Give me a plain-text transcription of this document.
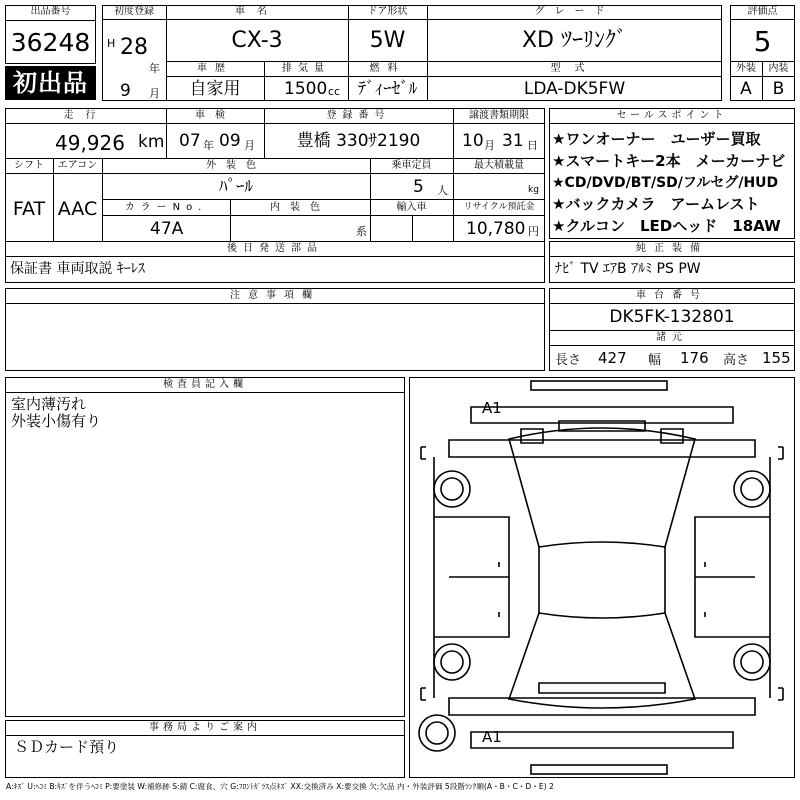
出品番号
36248
初出品
初度登録
H 28
年
9 月
車名
CX-3
ドア形状
5W
グレード
XD ﾂｰﾘﾝｸﾞ
車歴
自家用
排気量
1500 cc
燃料
ﾃﾞｨｰｾﾞﾙ
型式
LDA-DK5FW
評価点
5
外装	内装
A	B
走行
49,926 km
車検
07 年 09 月
登録番号
豊橋 330ｻ2190
譲渡書類期限
10 月 31 日
シフト	エアコン
FAT AAC
外装色
ﾊﾟｰﾙ
乗車定員
5 人
最大積載量
kg
カラーNo.
47A
内装色
系
輸入車	リサイクル預託金
10,780 円
後日発送部品
保証書 車両取説 ｷｰﾚｽ
セールスポイント
★ワンオーナー　ユーザー買取
★スマートキー2本　メーカーナビ
★CD/DVD/BT/SD/フルセグ/HUD
★バックカメラ　アームレスト
★クルコン　LEDヘッド　18AW
純正装備
ﾅﾋﾞ TV ｴｱB ｱﾙﾐ PS PW
注意事項欄	車台番号
DK5FK-132801
諸元
長さ 427 幅 176 高さ 155
検査員記入欄
室内薄汚れ
外装小傷有り
事務局よりご案内
ＳＤカード預り
A1
A1
A:ｷｽﾞ U:ﾍｺﾐ B:ｷｽﾞを伴うﾍｺﾐ P:要塗装 W:補修跡 S:錆 C:腐食、穴 G:ﾌﾛﾝﾄｶﾞﾗｽ点ｷｽﾞ XX:交換済み X:要交換 欠:欠品 内・外装評価 5段階ﾗﾝｸ順(A・B・C・D・E) 2
